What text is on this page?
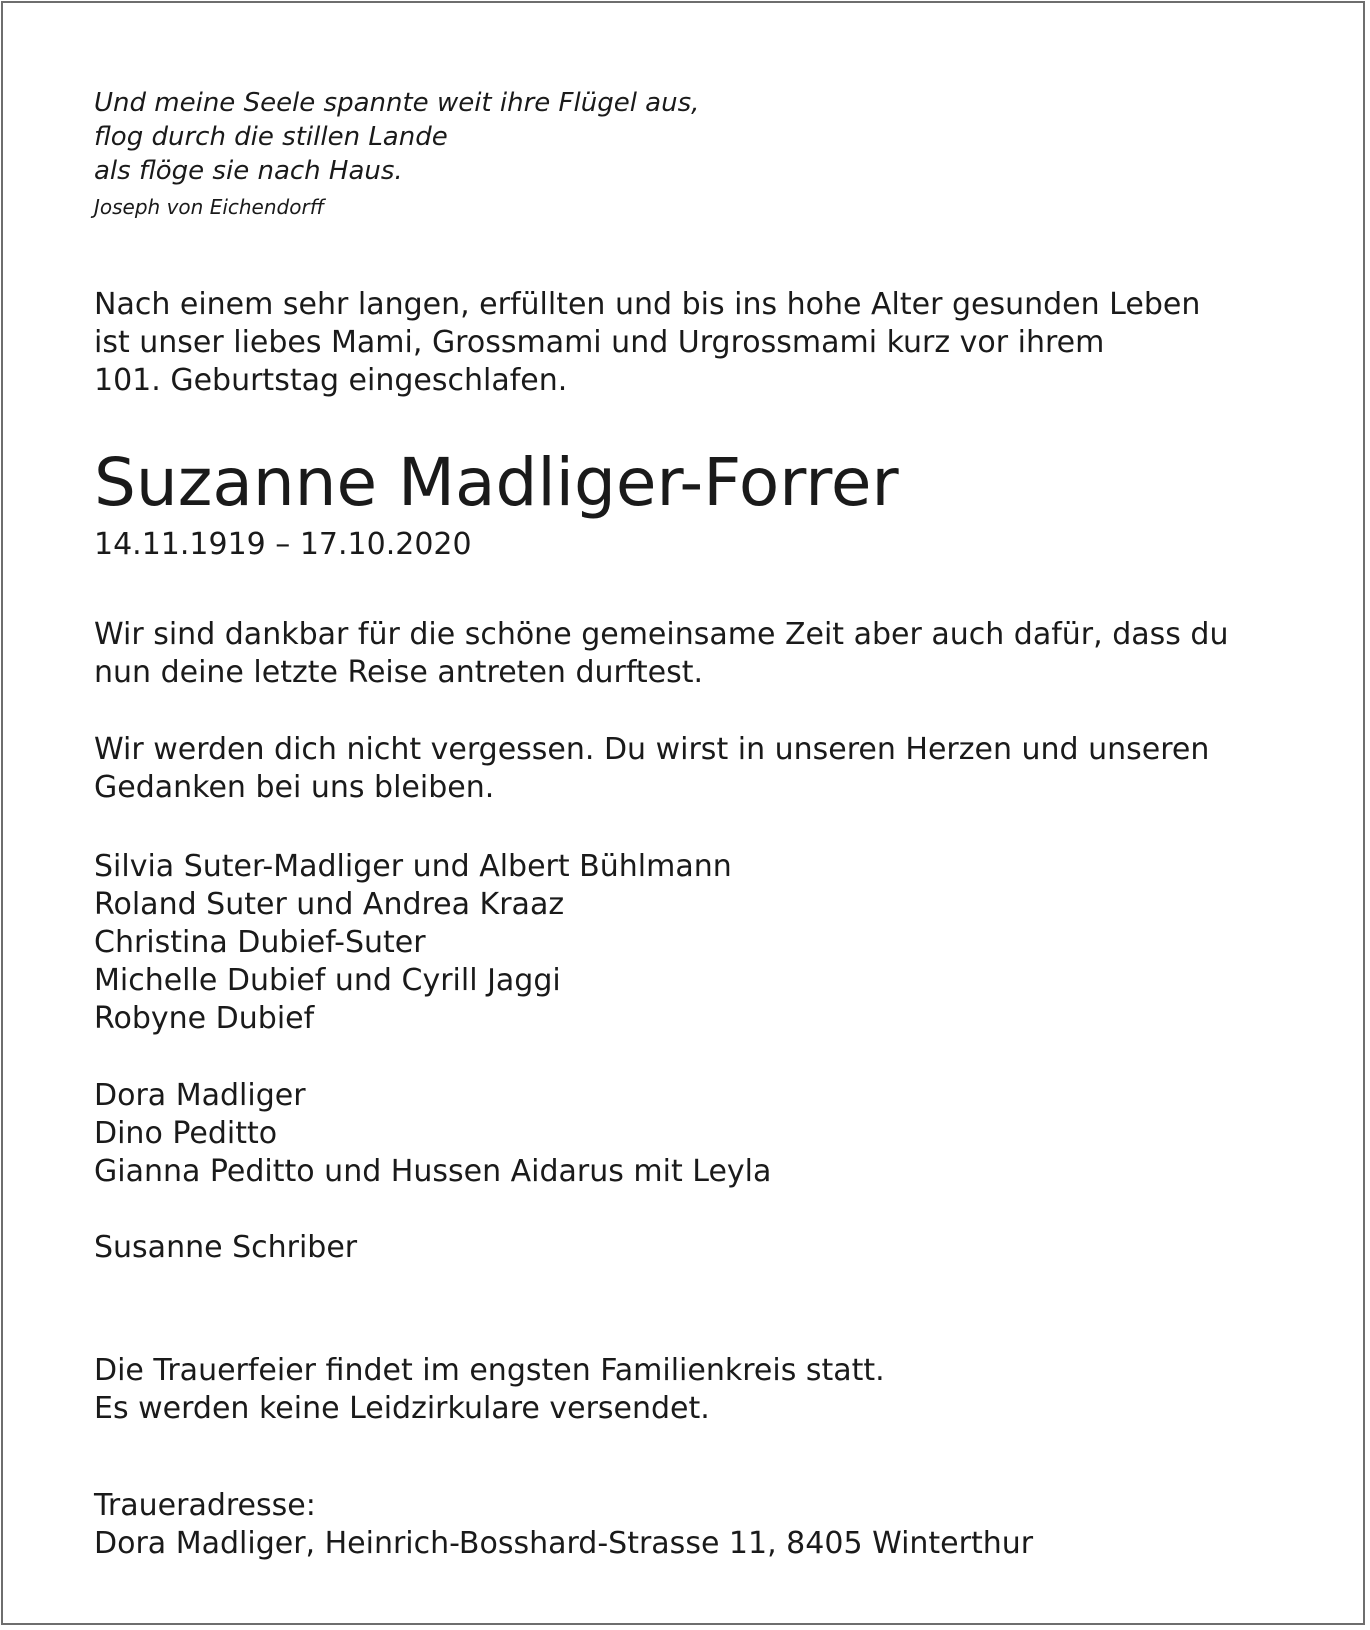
Und meine Seele spannte weit ihre Flügel aus,
flog durch die stillen Lande
als flöge sie nach Haus.
Joseph von Eichendorff
Nach einem sehr langen, erfüllten und bis ins hohe Alter gesunden Leben
ist unser liebes Mami, Grossmami und Urgrossmami kurz vor ihrem
101. Geburtstag eingeschlafen.
Suzanne Madliger-Forrer
14.11.1919 – 17.10.2020
Wir sind dankbar für die schöne gemeinsame Zeit aber auch dafür, dass du
nun deine letzte Reise antreten durftest.
Wir werden dich nicht vergessen. Du wirst in unseren Herzen und unseren
Gedanken bei uns bleiben.
Silvia Suter-Madliger und Albert Bühlmann
Roland Suter und Andrea Kraaz
Christina Dubief-Suter
Michelle Dubief und Cyrill Jaggi
Robyne Dubief
Dora Madliger
Dino Peditto
Gianna Peditto und Hussen Aidarus mit Leyla
Susanne Schriber
Die Trauerfeier findet im engsten Familienkreis statt.
Es werden keine Leidzirkulare versendet.
Traueradresse:
Dora Madliger, Heinrich-Bosshard-Strasse 11, 8405 Winterthur
